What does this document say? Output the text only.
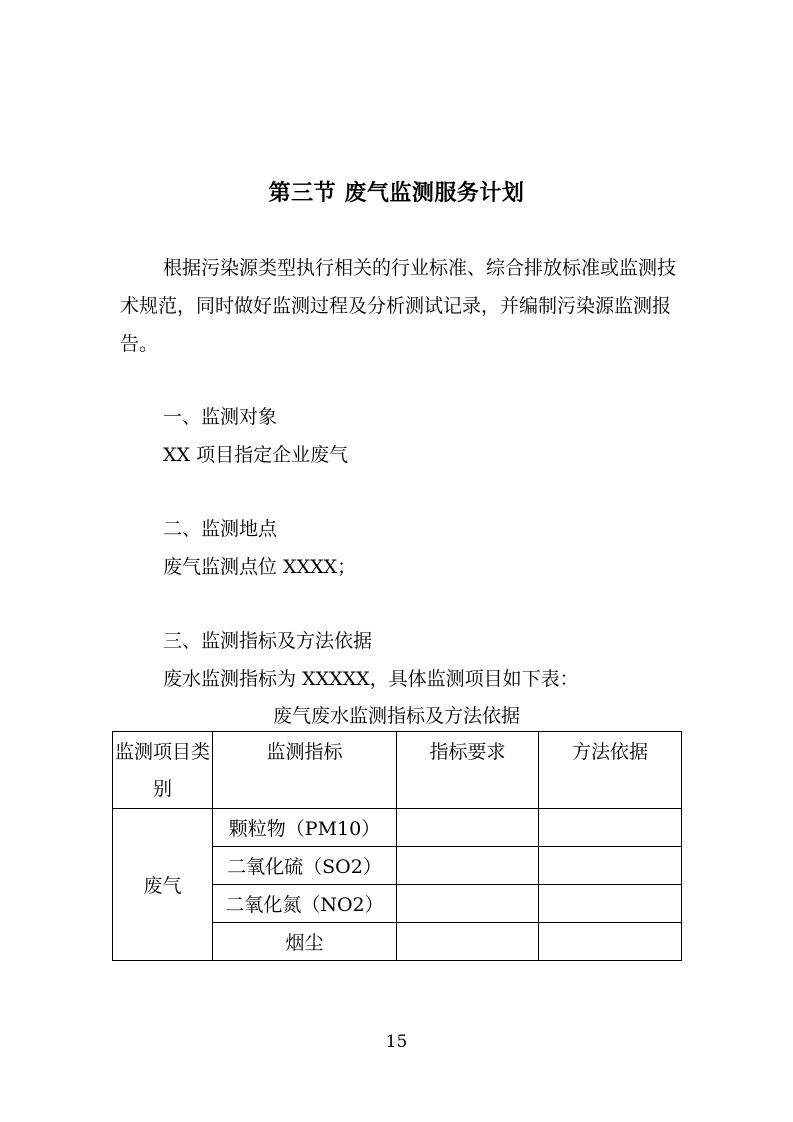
第三节 废气监测服务计划
根据污染源类型执行相关的行业标准、综合排放标准或监测技术规范，同时做好监测过程及分析测试记录，并编制污染源监测报告。
一、监测对象
XX 项目指定企业废气
二、监测地点
废气监测点位 XXXX；
三、监测指标及方法依据
废水监测指标为 XXXXX，具体监测项目如下表：
废气废水监测指标及方法依据
监测项目类别	监测指标	指标要求	方法依据
废气	颗粒物（PM10）		
	二氧化硫（SO2）		
	二氧化氮（NO2）		
	烟尘		
15
